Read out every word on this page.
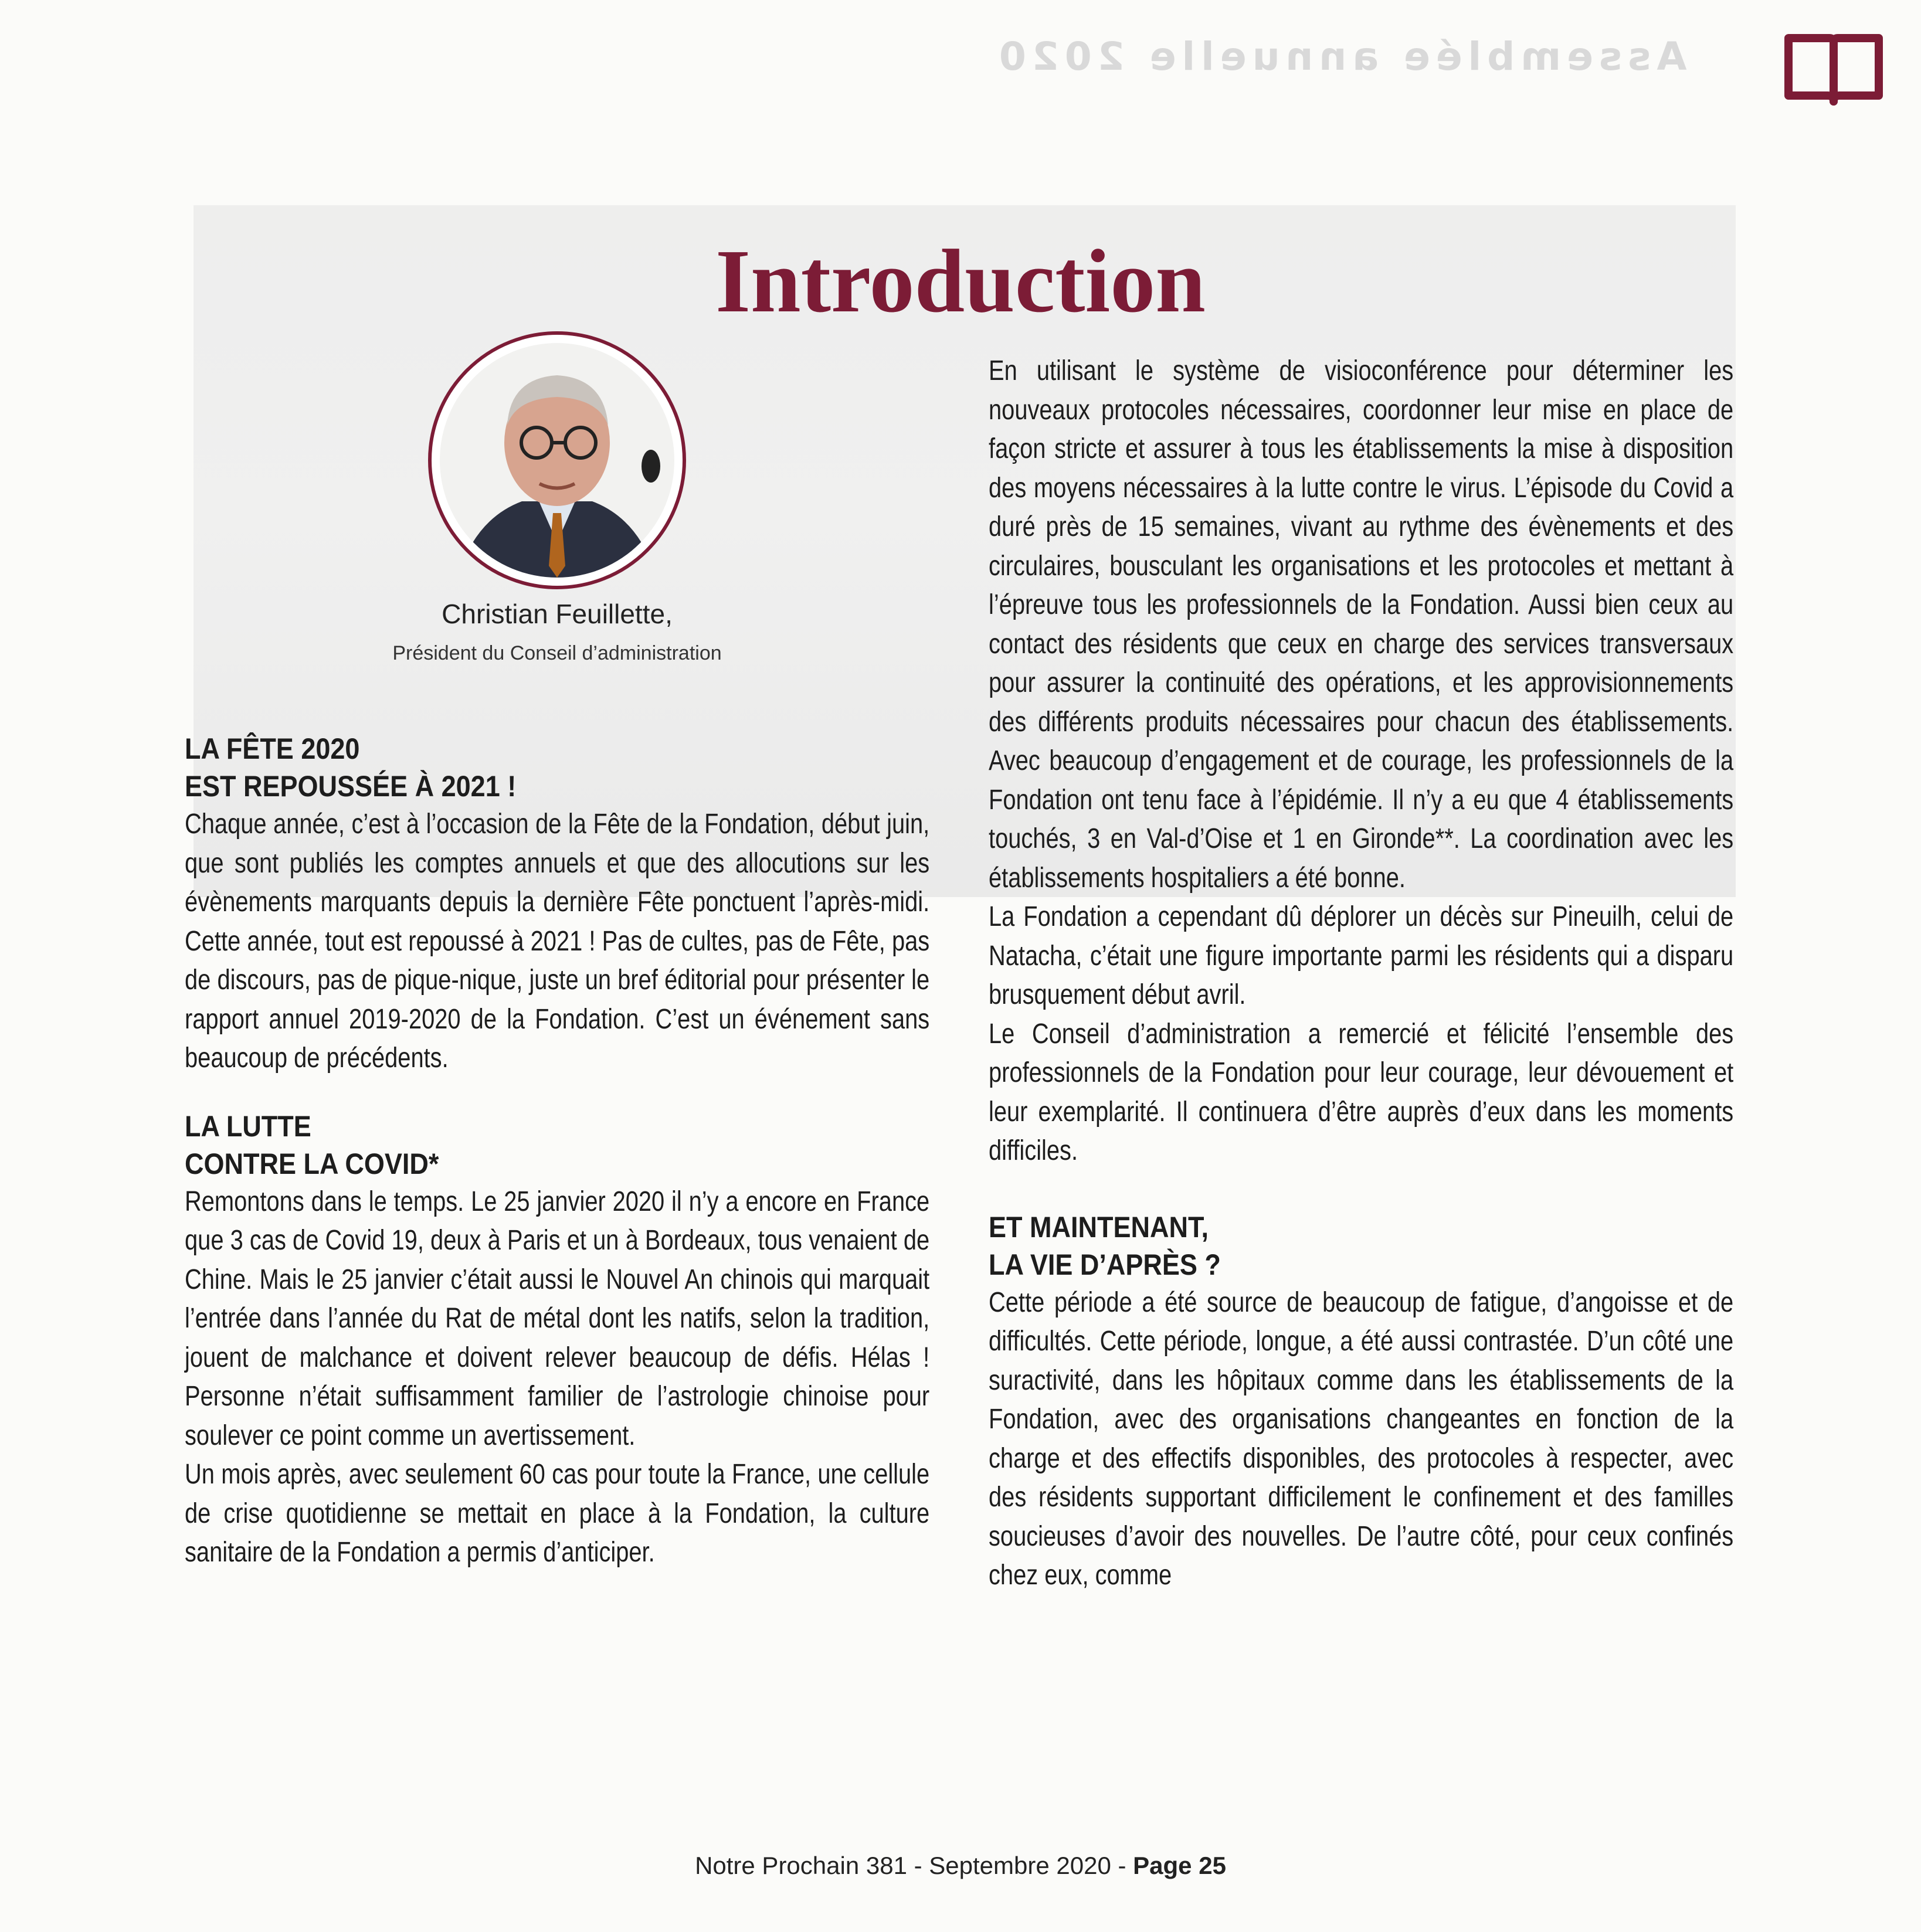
Assemblée annuelle 2020
Introduction
Christian Feuillette,
Président du Conseil d’administration
LA FÊTE 2020
EST REPOUSSÉE À 2021 !

Chaque année, c’est à l’occasion de la Fête de la Fondation, début juin, que sont publiés les comptes annuels et que des allocutions sur les évènements marquants depuis la dernière Fête ponctuent l’après-midi. Cette année, tout est repoussé à 2021 ! Pas de cultes, pas de Fête, pas de discours, pas de pique-nique, juste un bref éditorial pour présenter le rapport annuel 2019-2020 de la Fondation. C’est un événement sans beaucoup de précédents.

LA LUTTE
CONTRE LA COVID*

Remontons dans le temps. Le 25 janvier 2020 il n’y a encore en France que 3 cas de Covid 19, deux à Paris et un à Bordeaux, tous venaient de Chine. Mais le 25 janvier c’était aussi le Nouvel An chinois qui marquait l’entrée dans l’année du Rat de métal dont les natifs, selon la tradition, jouent de malchance et doivent relever beaucoup de défis. Hélas ! Personne n’était suffisamment familier de l’astrologie chinoise pour soulever ce point comme un avertissement.

Un mois après, avec seulement 60 cas pour toute la France, une cellule de crise quotidienne se mettait en place à la Fondation, la culture sanitaire de la Fondation a permis d’anticiper.

En utilisant le système de visioconférence pour déterminer les nouveaux protocoles nécessaires, coordonner leur mise en place de façon stricte et assurer à tous les établissements la mise à disposition des moyens nécessaires à la lutte contre le virus. L’épisode du Covid a duré près de 15 semaines, vivant au rythme des évènements et des circulaires, bousculant les organisations et les protocoles et mettant à l’épreuve tous les professionnels de la Fondation. Aussi bien ceux au contact des résidents que ceux en charge des services transversaux pour assurer la continuité des opérations, et les approvisionnements des différents produits nécessaires pour chacun des établissements. Avec beaucoup d’engagement et de courage, les professionnels de la Fondation ont tenu face à l’épidémie. Il n’y a eu que 4 établissements touchés, 3 en Val-d’Oise et 1 en Gironde**. La coordination avec les établissements hospitaliers a été bonne.

La Fondation a cependant dû déplorer un décès sur Pineuilh, celui de Natacha, c’était une figure importante parmi les résidents qui a disparu brusquement début avril.

Le Conseil d’administration a remercié et félicité l’ensemble des professionnels de la Fondation pour leur courage, leur dévouement et leur exemplarité. Il continuera d’être auprès d’eux dans les moments difficiles.

ET MAINTENANT,
LA VIE D’APRÈS ?

Cette période a été source de beaucoup de fatigue, d’angoisse et de difficultés. Cette période, longue, a été aussi contrastée. D’un côté une suractivité, dans les hôpitaux comme dans les établissements de la Fondation, avec des organisations changeantes en fonction de la charge et des effectifs disponibles, des protocoles à respecter, avec des résidents supportant difficilement le confinement et des familles soucieuses d’avoir des nouvelles. De l’autre côté, pour ceux confinés chez eux, comme

Notre Prochain 381 - Septembre 2020 - Page 25
